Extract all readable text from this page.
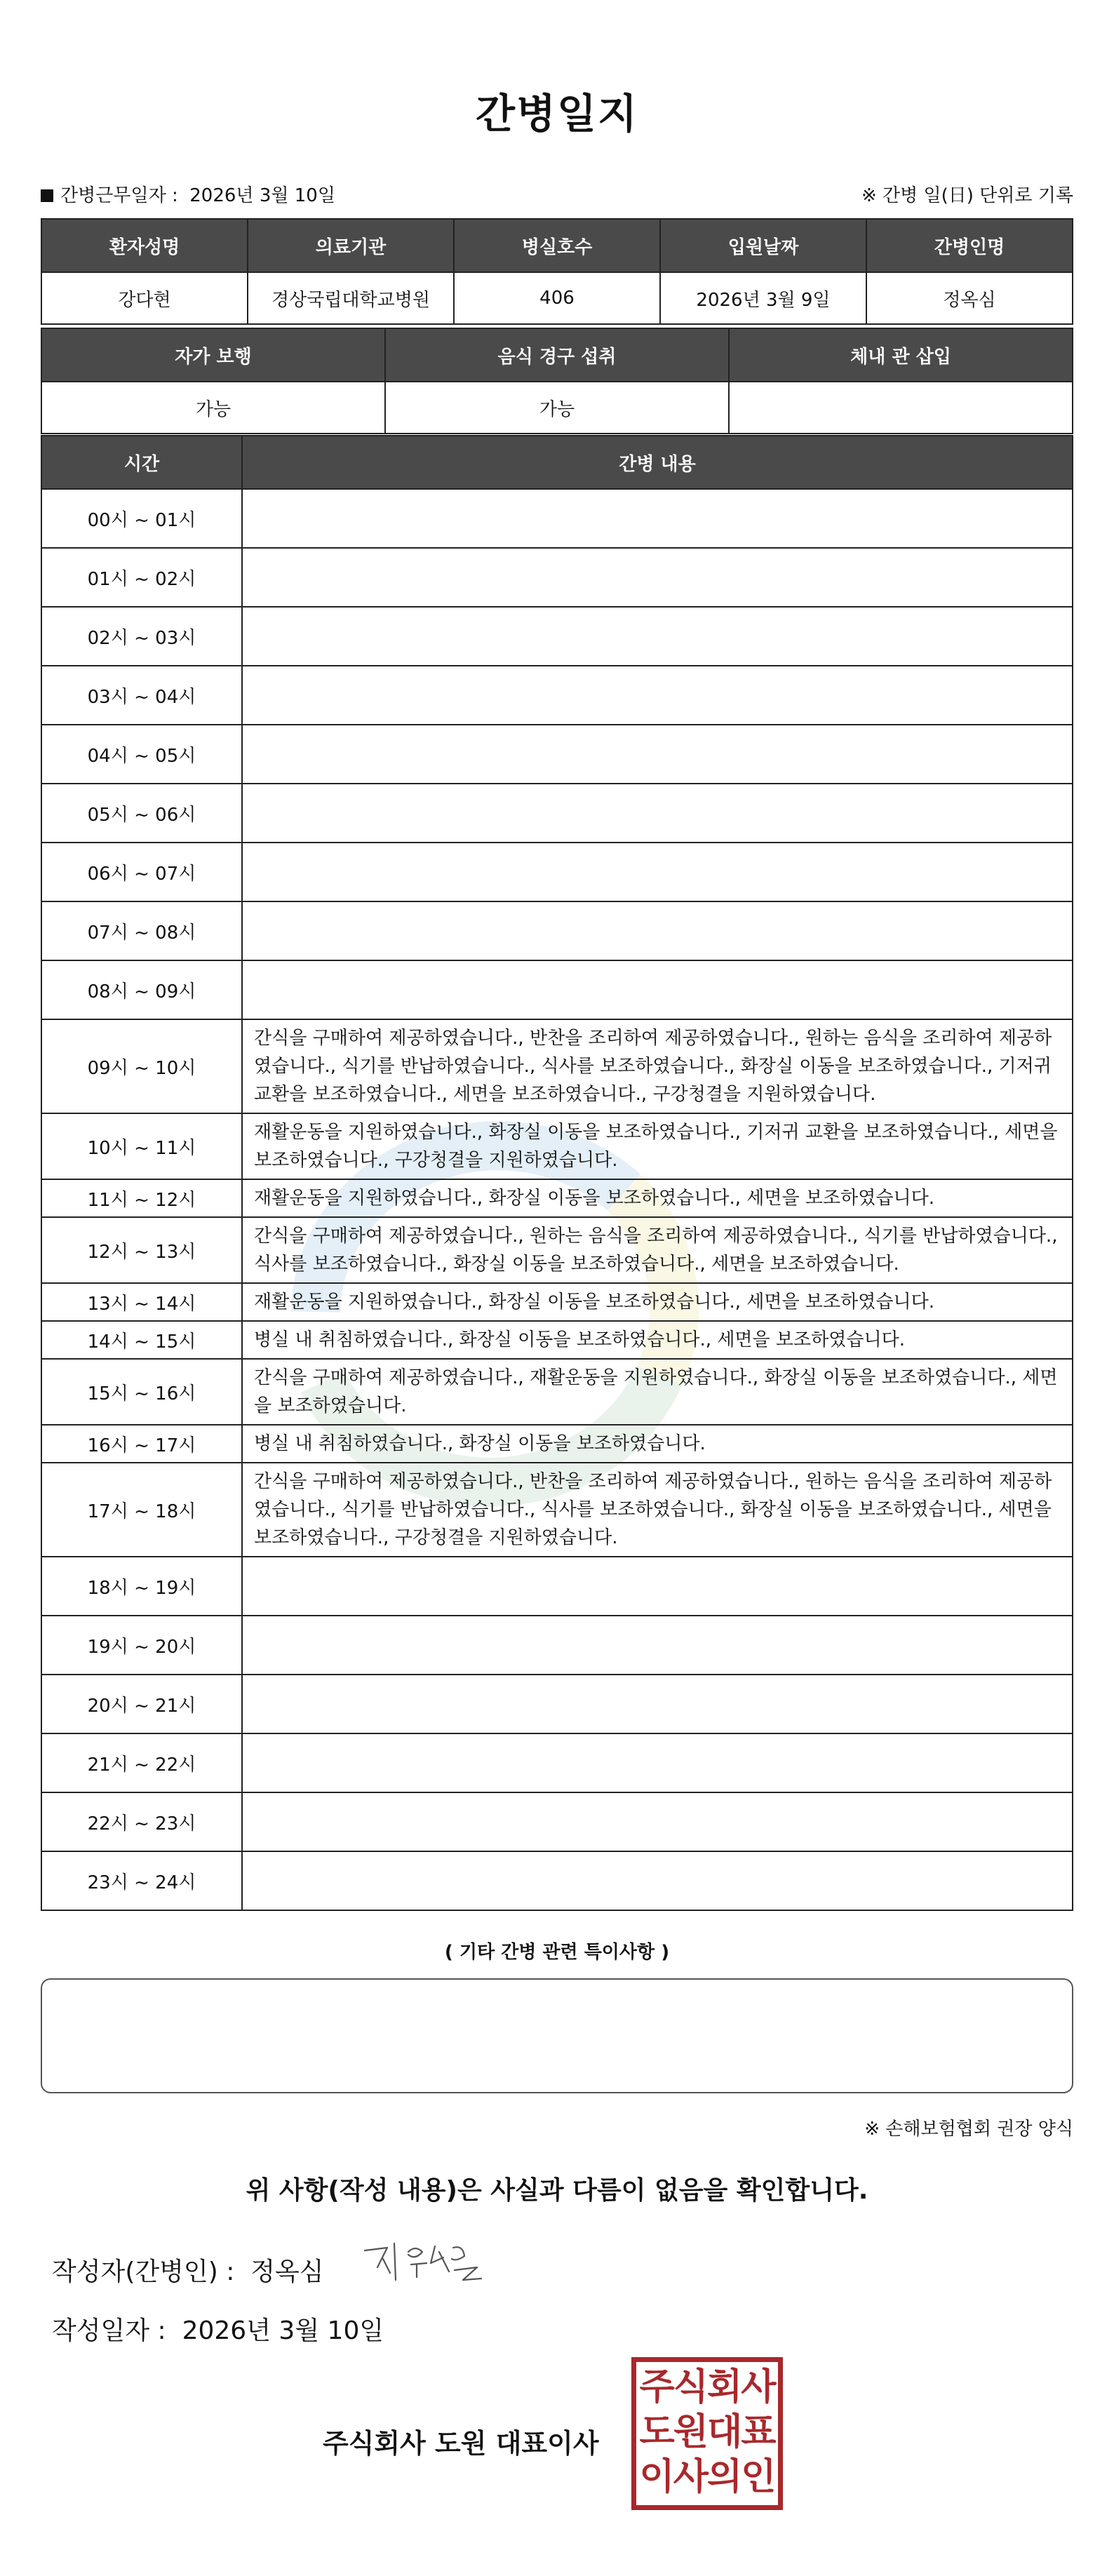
간병일지
간병근무일자 : 2026년 3월 10일	※ 간병 일(日) 단위로 기록
환자성명	의료기관	병실호수	입원날짜	간병인명
강다현	경상국립대학교병원	406	2026년 3월 9일	정옥심
자가 보행	음식 경구 섭취	체내 관 삽입
가능	가능	
시간	간병 내용
00시 ~ 01시	
01시 ~ 02시	
02시 ~ 03시	
03시 ~ 04시	
04시 ~ 05시	
05시 ~ 06시	
06시 ~ 07시	
07시 ~ 08시	
08시 ~ 09시	
09시 ~ 10시	간식을 구매하여 제공하였습니다., 반찬을 조리하여 제공하였습니다., 원하는 음식을 조리하여 제공하였습니다., 식기를 반납하였습니다., 식사를 보조하였습니다., 화장실 이동을 보조하였습니다., 기저귀 교환을 보조하였습니다., 세면을 보조하였습니다., 구강청결을 지원하였습니다.
10시 ~ 11시	재활운동을 지원하였습니다., 화장실 이동을 보조하였습니다., 기저귀 교환을 보조하였습니다., 세면을 보조하였습니다., 구강청결을 지원하였습니다.
11시 ~ 12시	재활운동을 지원하였습니다., 화장실 이동을 보조하였습니다., 세면을 보조하였습니다.
12시 ~ 13시	간식을 구매하여 제공하였습니다., 원하는 음식을 조리하여 제공하였습니다., 식기를 반납하였습니다., 식사를 보조하였습니다., 화장실 이동을 보조하였습니다., 세면을 보조하였습니다.
13시 ~ 14시	재활운동을 지원하였습니다., 화장실 이동을 보조하였습니다., 세면을 보조하였습니다.
14시 ~ 15시	병실 내 취침하였습니다., 화장실 이동을 보조하였습니다., 세면을 보조하였습니다.
15시 ~ 16시	간식을 구매하여 제공하였습니다., 재활운동을 지원하였습니다., 화장실 이동을 보조하였습니다., 세면을 보조하였습니다.
16시 ~ 17시	병실 내 취침하였습니다., 화장실 이동을 보조하였습니다.
17시 ~ 18시	간식을 구매하여 제공하였습니다., 반찬을 조리하여 제공하였습니다., 원하는 음식을 조리하여 제공하였습니다., 식기를 반납하였습니다., 식사를 보조하였습니다., 화장실 이동을 보조하였습니다., 세면을 보조하였습니다., 구강청결을 지원하였습니다.
18시 ~ 19시	
19시 ~ 20시	
20시 ~ 21시	
21시 ~ 22시	
22시 ~ 23시	
23시 ~ 24시	
( 기타 간병 관련 특이사항 )
※ 손해보험협회 권장 양식
위 사항(작성 내용)은 사실과 다름이 없음을 확인합니다.
작성자(간병인) : 정옥심
작성일자 : 2026년 3월 10일
주식회사 도원 대표이사
주식회사
도원대표
이사의인
